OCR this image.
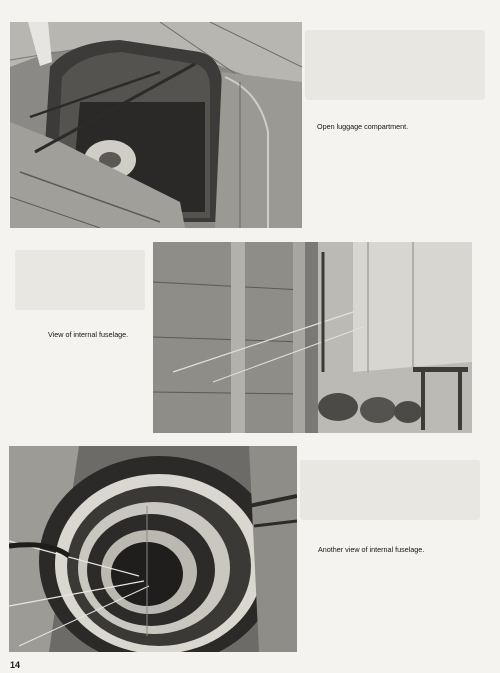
Open luggage compartment.
View of internal fuselage.
Another view of internal fuselage.
14
